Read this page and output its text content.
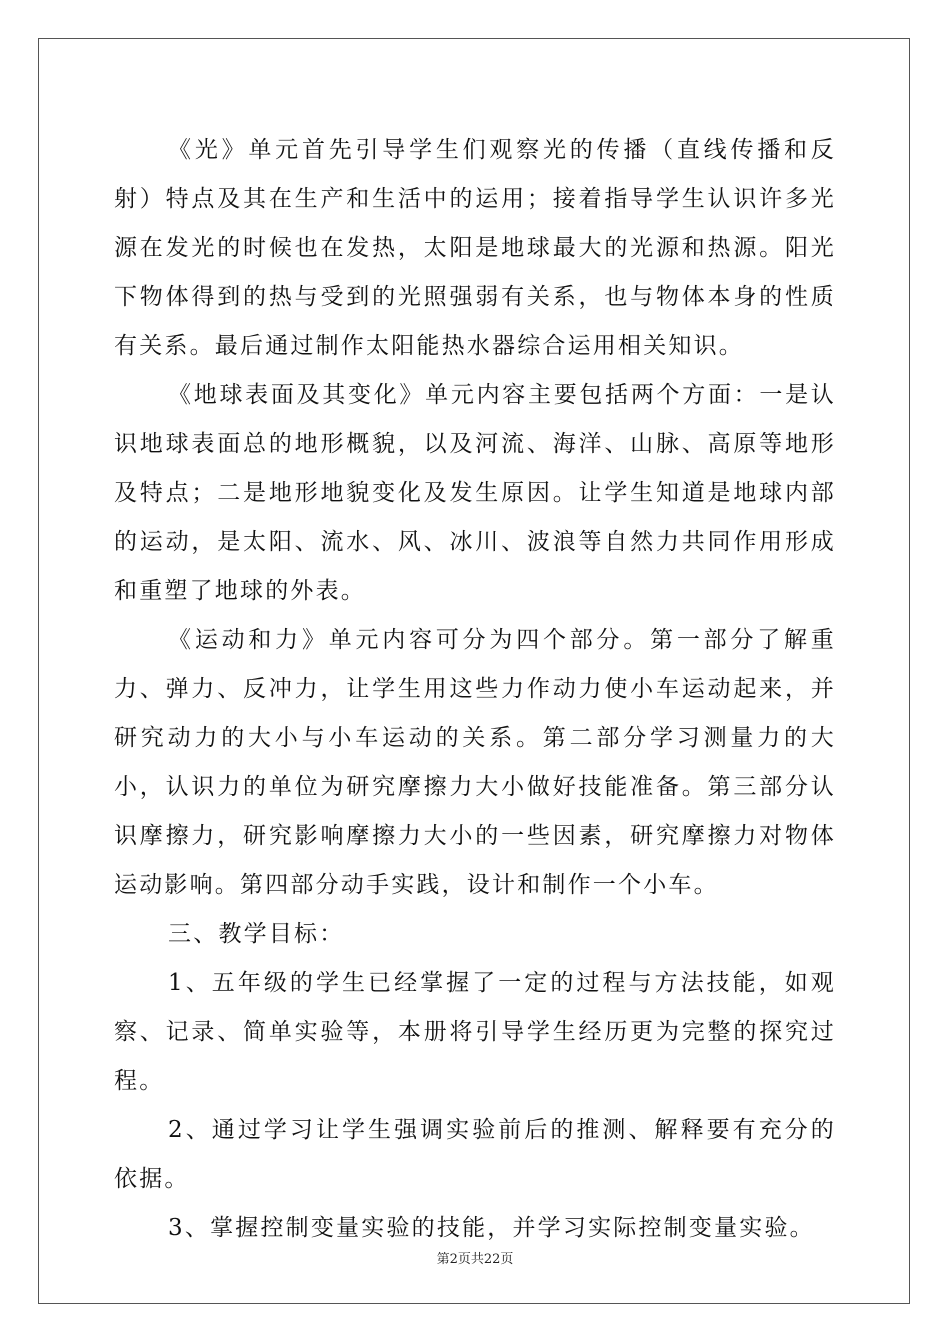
《光》单元首先引导学生们观察光的传播（直线传播和反射）特点及其在生产和生活中的运用；接着指导学生认识许多光源在发光的时候也在发热，太阳是地球最大的光源和热源。阳光下物体得到的热与受到的光照强弱有关系，也与物体本身的性质有关系。最后通过制作太阳能热水器综合运用相关知识。

《地球表面及其变化》单元内容主要包括两个方面：一是认识地球表面总的地形概貌，以及河流、海洋、山脉、高原等地形及特点；二是地形地貌变化及发生原因。让学生知道是地球内部的运动，是太阳、流水、风、冰川、波浪等自然力共同作用形成和重塑了地球的外表。

《运动和力》单元内容可分为四个部分。第一部分了解重力、弹力、反冲力，让学生用这些力作动力使小车运动起来，并研究动力的大小与小车运动的关系。第二部分学习测量力的大小，认识力的单位为研究摩擦力大小做好技能准备。第三部分认识摩擦力，研究影响摩擦力大小的一些因素，研究摩擦力对物体运动影响。第四部分动手实践，设计和制作一个小车。

三、教学目标：

1、五年级的学生已经掌握了一定的过程与方法技能，如观察、记录、简单实验等，本册将引导学生经历更为完整的探究过程。

2、通过学习让学生强调实验前后的推测、解释要有充分的依据。

3、掌握控制变量实验的技能，并学习实际控制变量实验。

第2页共22页
